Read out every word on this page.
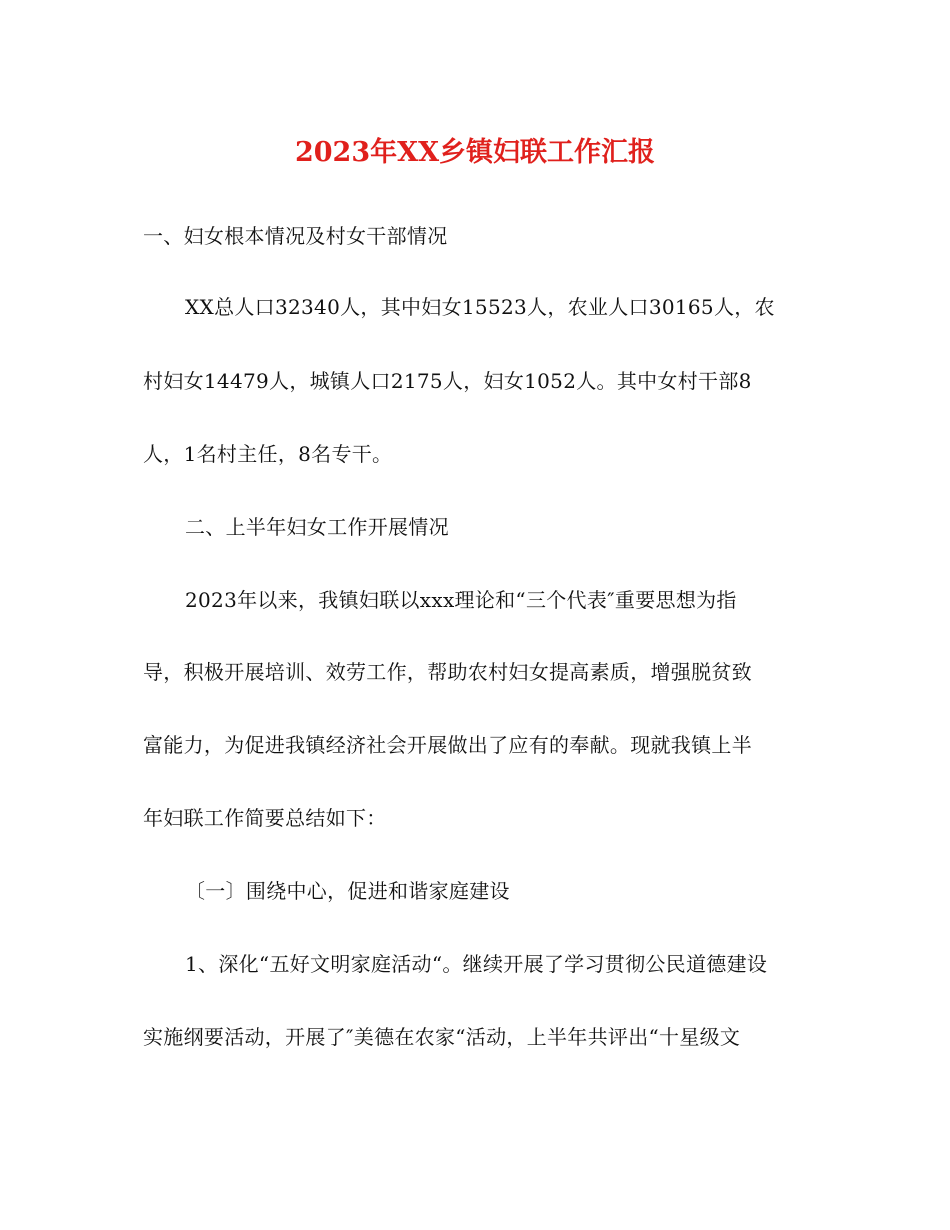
2023年XX乡镇妇联工作汇报
一、妇女根本情况及村女干部情况
XX总人口32340人，其中妇女15523人，农业人口30165人，农
村妇女14479人，城镇人口2175人，妇女1052人。其中女村干部8
人，1名村主任，8名专干。
二、上半年妇女工作开展情况
2023年以来，我镇妇联以xxx理论和“三个代表″重要思想为指
导，积极开展培训、效劳工作，帮助农村妇女提高素质，增强脱贫致
富能力，为促进我镇经济社会开展做出了应有的奉献。现就我镇上半
年妇联工作简要总结如下：
〔一〕围绕中心，促进和谐家庭建设
1、深化“五好文明家庭活动“。继续开展了学习贯彻公民道德建设
实施纲要活动，开展了″美德在农家“活动，上半年共评出“十星级文
